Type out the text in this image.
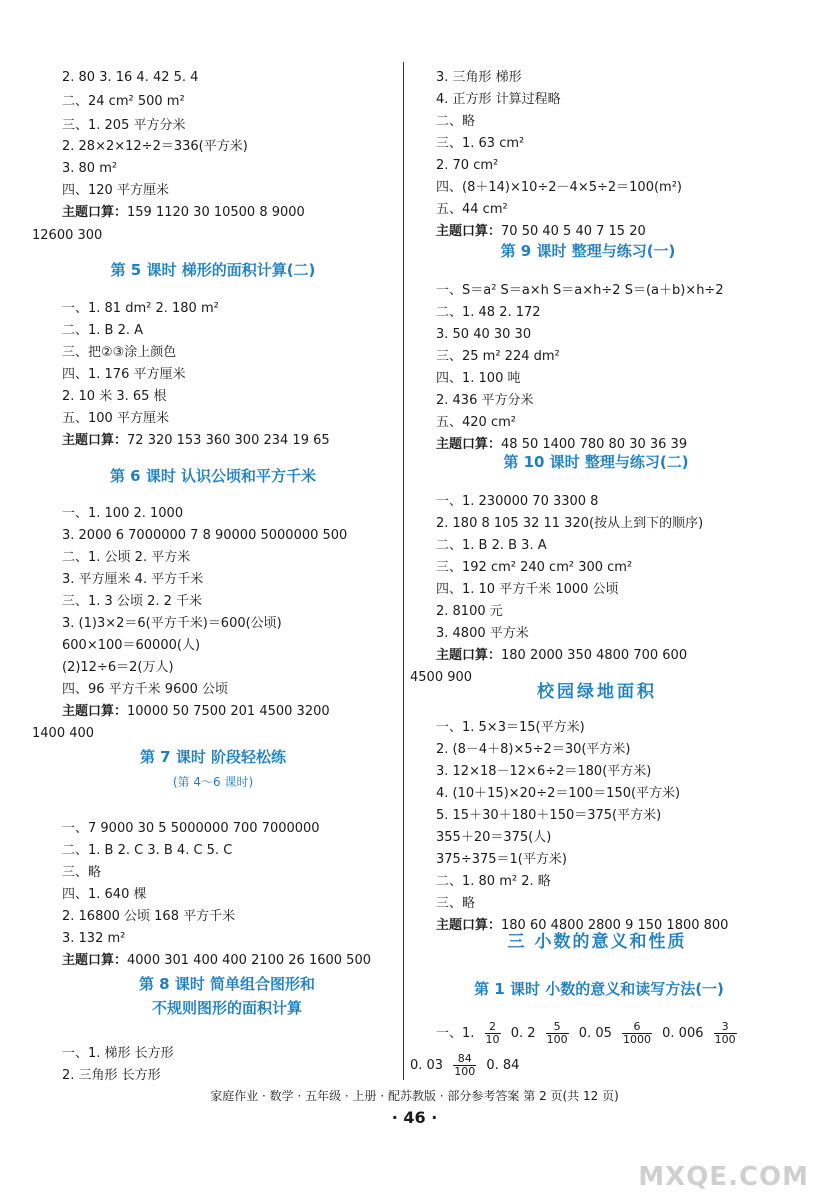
2. 80 3. 16 4. 42 5. 4
二、24 cm² 500 m²
三、1. 205 平方分米
2. 28×2×12÷2＝336(平方米)
3. 80 m²
四、120 平方厘米
主题口算：159 1120 30 10500 8 9000
12600 300
第 5 课时 梯形的面积计算(二)
一、1. 81 dm² 2. 180 m²
二、1. B 2. A
三、把②③涂上颜色
四、1. 176 平方厘米
2. 10 米 3. 65 根
五、100 平方厘米
主题口算：72 320 153 360 300 234 19 65
第 6 课时 认识公顷和平方千米
一、1. 100 2. 1000
3. 2000 6 7000000 7 8 90000 5000000 500
二、1. 公顷 2. 平方米
3. 平方厘米 4. 平方千米
三、1. 3 公顷 2. 2 千米
3. (1)3×2＝6(平方千米)＝600(公顷)
600×100＝60000(人)
(2)12÷6＝2(万人)
四、96 平方千米 9600 公顷
主题口算：10000 50 7500 201 4500 3200
1400 400
第 7 课时 阶段轻松练
(第 4～6 课时)
一、7 9000 30 5 5000000 700 7000000
二、1. B 2. C 3. B 4. C 5. C
三、略
四、1. 640 棵
2. 16800 公顷 168 平方千米
3. 132 m²
主题口算：4000 301 400 400 2100 26 1600 500
第 8 课时 简单组合图形和
不规则图形的面积计算
一、1. 梯形 长方形
2. 三角形 长方形
3. 三角形 梯形
4. 正方形 计算过程略
二、略
三、1. 63 cm²
2. 70 cm²
四、(8＋14)×10÷2－4×5÷2＝100(m²)
五、44 cm²
主题口算：70 50 40 5 40 7 15 20
第 9 课时 整理与练习(一)
一、S＝a² S＝a×h S＝a×h÷2 S＝(a＋b)×h÷2
二、1. 48 2. 172
3. 50 40 30 30
三、25 m² 224 dm²
四、1. 100 吨
2. 436 平方分米
五、420 cm²
主题口算：48 50 1400 780 80 30 36 39
第 10 课时 整理与练习(二)
一、1. 230000 70 3300 8
2. 180 8 105 32 11 320(按从上到下的顺序)
二、1. B 2. B 3. A
三、192 cm² 240 cm² 300 cm²
四、1. 10 平方千米 1000 公顷
2. 8100 元
3. 4800 平方米
主题口算：180 2000 350 4800 700 600
4500 900
校园绿地面积
一、1. 5×3＝15(平方米)
2. (8－4＋8)×5÷2＝30(平方米)
3. 12×18－12×6÷2＝180(平方米)
4. (10＋15)×20÷2＝100＝150(平方米)
5. 15＋30＋180＋150＝375(平方米)
355＋20＝375(人)
375÷375＝1(平方米)
二、1. 80 m² 2. 略
三、略
主题口算：180 60 4800 2800 9 150 1800 800
三 小数的意义和性质
第 1 课时 小数的意义和读写方法(一)
一、1. $\frac{2}{10} 0$. $2 \frac{5}{100} 0$. $05 \frac{6}{1000} 0$. $006 \frac{3}{100}$
0. $03 \frac{84}{100} 0$. 84
家庭作业 · 数学 · 五年级 · 上册 · 配苏教版 · 部分参考答案 第 2 页(共 12 页)
· 46 ·
MXQE.COM
